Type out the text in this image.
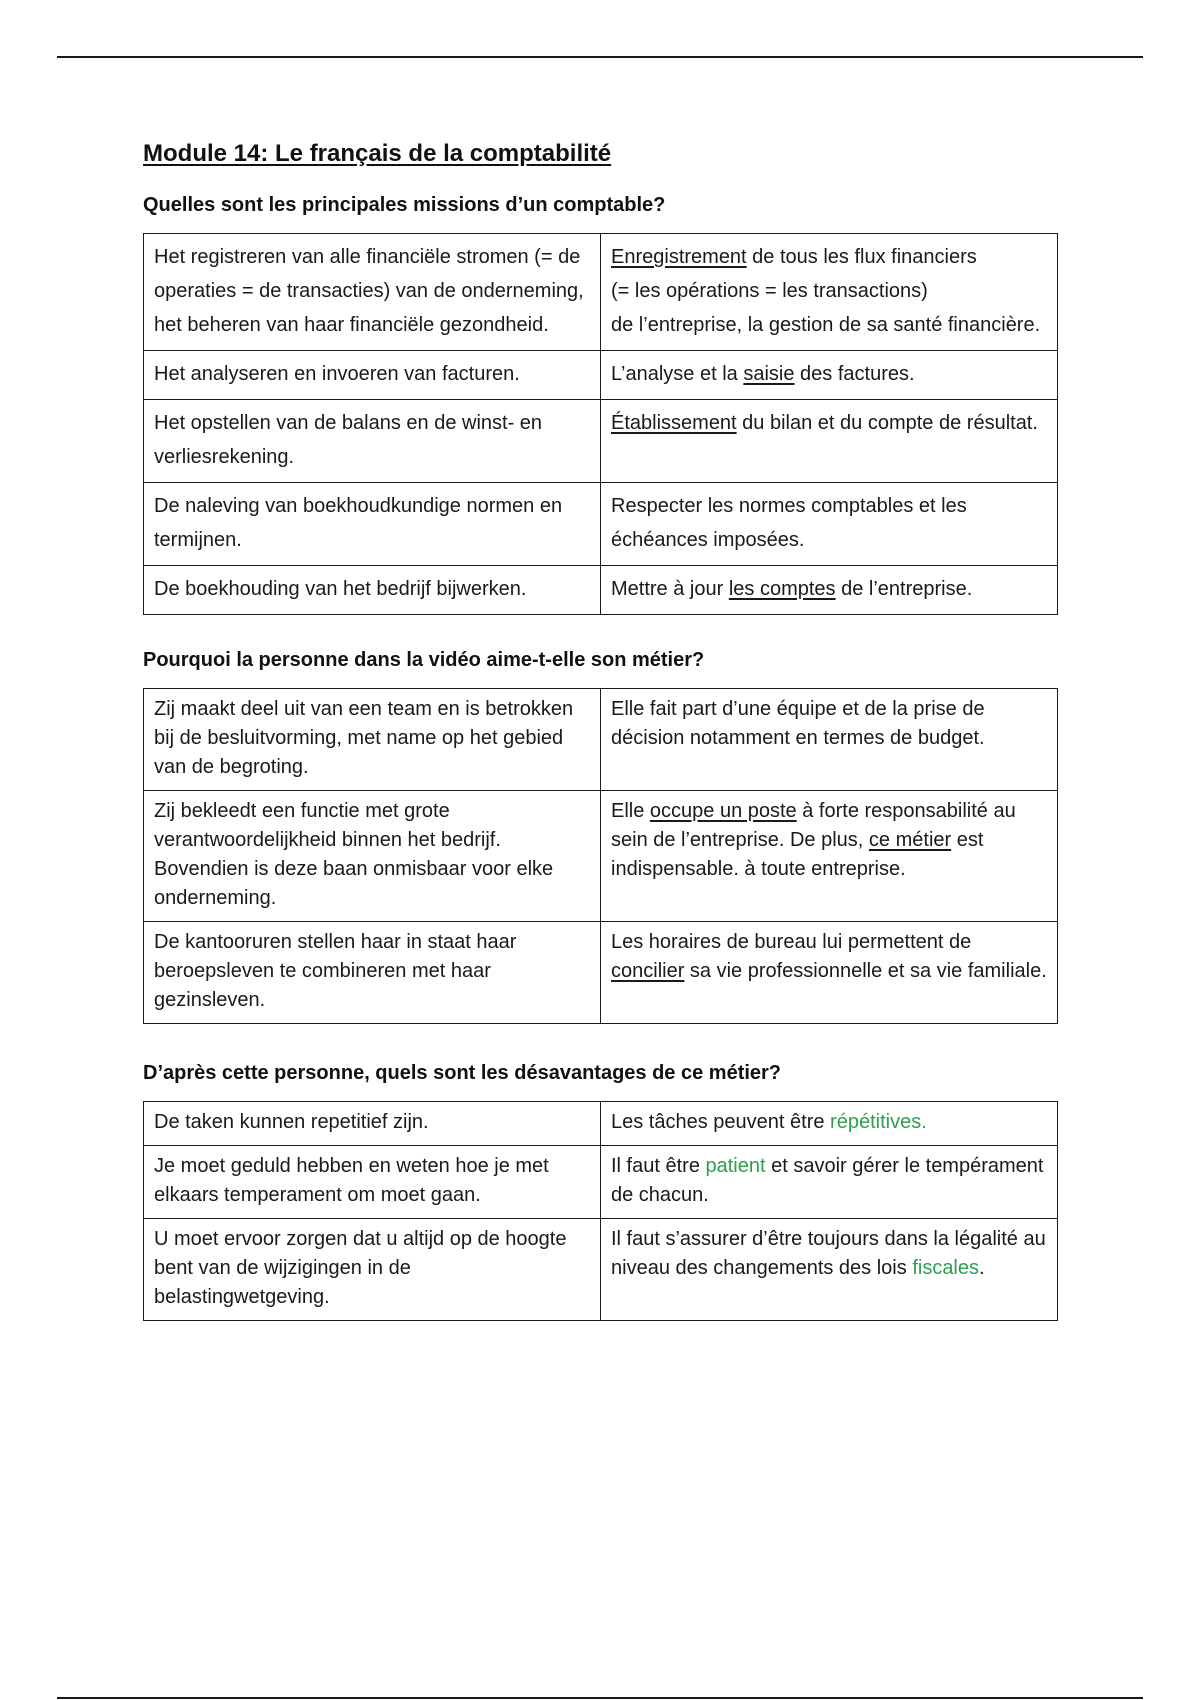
Module 14: Le français de la comptabilité
Quelles sont les principales missions d’un comptable?
Het registreren van alle financiële stromen (= de operaties = de transacties) van de onderneming, het beheren van haar financiële gezondheid.	Enregistrement de tous les flux financiers
(= les opérations = les transactions)
de l’entreprise, la gestion de sa santé financière.
Het analyseren en invoeren van facturen.	L’analyse et la saisie des factures.
Het opstellen van de balans en de winst- en verliesrekening.	Établissement du bilan et du compte de résultat.
De naleving van boekhoudkundige normen en termijnen.	Respecter les normes comptables et les échéances imposées.
De boekhouding van het bedrijf bijwerken.	Mettre à jour les comptes de l’entreprise.
Pourquoi la personne dans la vidéo aime-t-elle son métier?
Zij maakt deel uit van een team en is betrokken bij de besluitvorming, met name op het gebied van de begroting.	Elle fait part d’une équipe et de la prise de décision notamment en termes de budget.
Zij bekleedt een functie met grote verantwoordelijkheid binnen het bedrijf. Bovendien is deze baan onmisbaar voor elke onderneming.	Elle occupe un poste à forte responsabilité au sein de l’entreprise. De plus, ce métier est indispensable. à toute entreprise.
De kantooruren stellen haar in staat haar beroepsleven te combineren met haar gezinsleven.	Les horaires de bureau lui permettent de concilier sa vie professionnelle et sa vie familiale.
D’après cette personne, quels sont les désavantages de ce métier?
De taken kunnen repetitief zijn.	Les tâches peuvent être répétitives.
Je moet geduld hebben en weten hoe je met elkaars temperament om moet gaan.	Il faut être patient et savoir gérer le tempérament de chacun.
U moet ervoor zorgen dat u altijd op de hoogte bent van de wijzigingen in de belastingwetgeving.	Il faut s’assurer d’être toujours dans la légalité au niveau des changements des lois fiscales.
